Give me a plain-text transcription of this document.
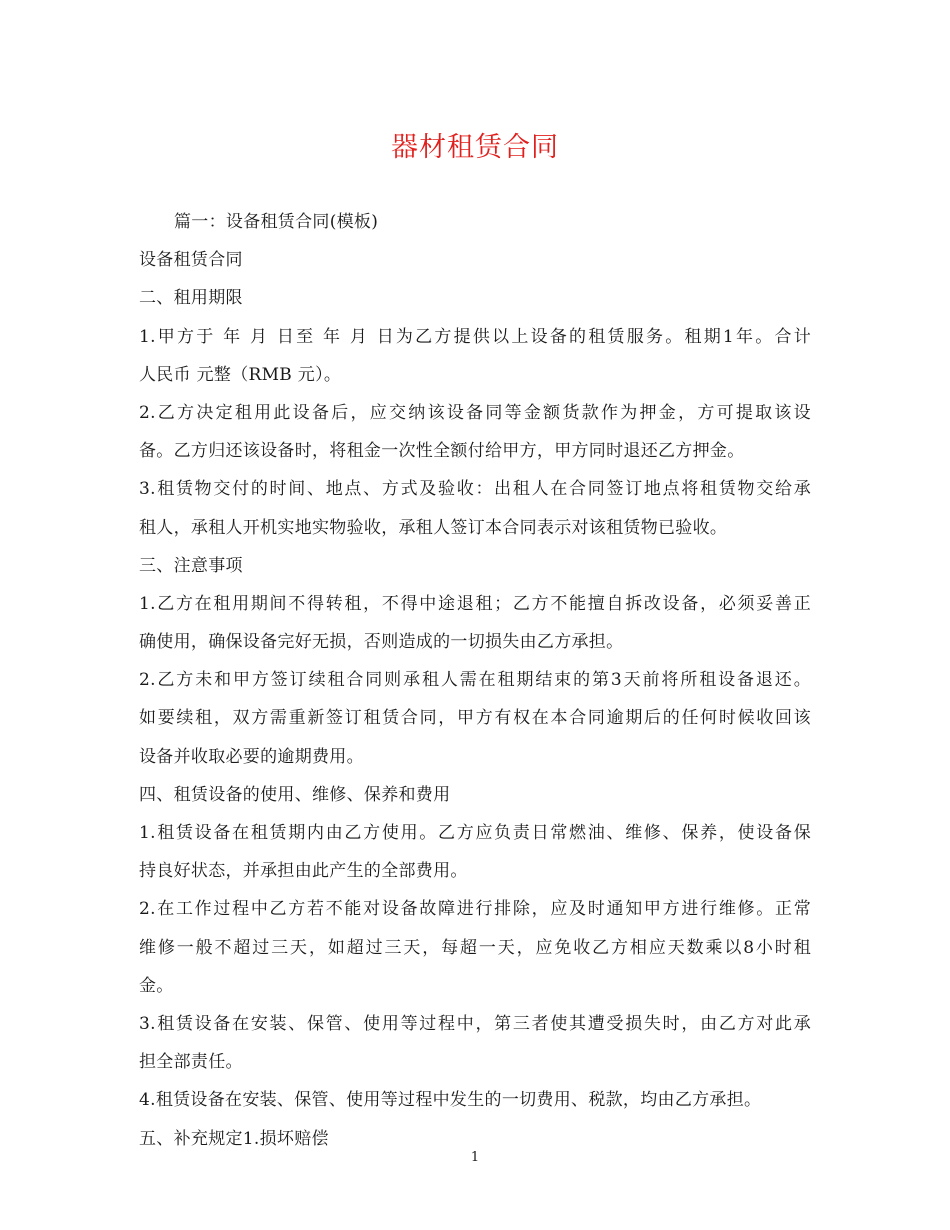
器材租赁合同
篇一：设备租赁合同(模板)
设备租赁合同
二、租用期限
1.甲方于 年 月 日至 年 月 日为乙方提供以上设备的租赁服务。租期1年。合计
人民币 元整（RMB 元）。
2.乙方决定租用此设备后，应交纳该设备同等金额货款作为押金，方可提取该设
备。乙方归还该设备时，将租金一次性全额付给甲方，甲方同时退还乙方押金。
3.租赁物交付的时间、地点、方式及验收：出租人在合同签订地点将租赁物交给承
租人，承租人开机实地实物验收，承租人签订本合同表示对该租赁物已验收。
三、注意事项
1.乙方在租用期间不得转租，不得中途退租；乙方不能擅自拆改设备，必须妥善正
确使用，确保设备完好无损，否则造成的一切损失由乙方承担。
2.乙方未和甲方签订续租合同则承租人需在租期结束的第3天前将所租设备退还。
如要续租，双方需重新签订租赁合同，甲方有权在本合同逾期后的任何时候收回该
设备并收取必要的逾期费用。
四、租赁设备的使用、维修、保养和费用
1.租赁设备在租赁期内由乙方使用。乙方应负责日常燃油、维修、保养，使设备保
持良好状态，并承担由此产生的全部费用。
2.在工作过程中乙方若不能对设备故障进行排除，应及时通知甲方进行维修。正常
维修一般不超过三天，如超过三天，每超一天，应免收乙方相应天数乘以8小时租
金。
3.租赁设备在安装、保管、使用等过程中，第三者使其遭受损失时，由乙方对此承
担全部责任。
4.租赁设备在安装、保管、使用等过程中发生的一切费用、税款，均由乙方承担。
五、补充规定1.损坏赔偿
1
